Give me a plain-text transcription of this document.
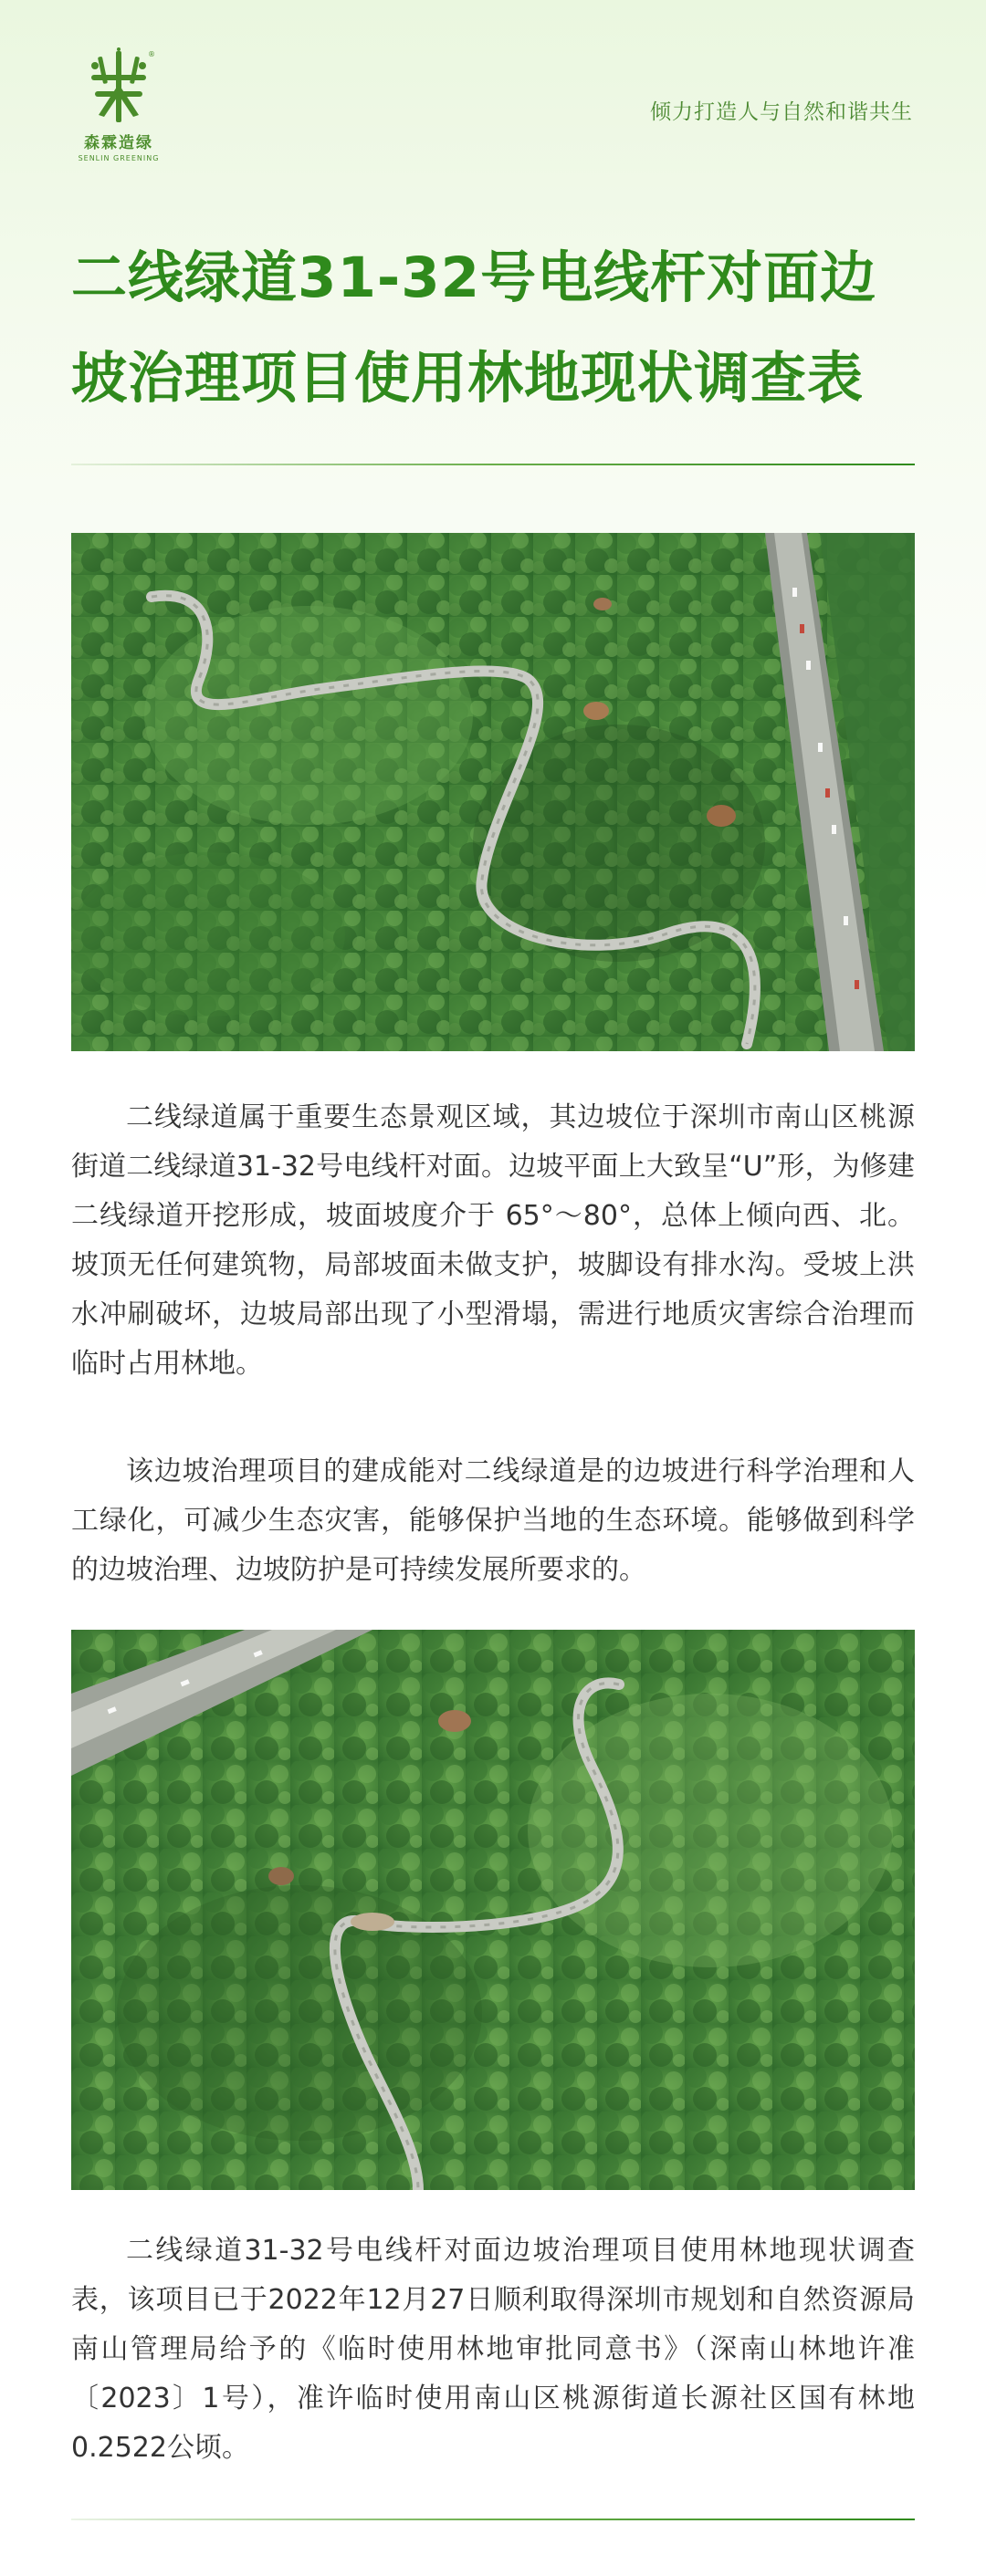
®
森霖造绿
SENLIN GREENING
倾力打造人与自然和谐共生
二线绿道31-32号电线杆对面边
坡治理项目使用林地现状调查表

二线绿道属于重要生态景观区域，其边坡位于深圳市南山区桃源街道二线绿道31-32号电线杆对面。边坡平面上大致呈“U”形，为修建二线绿道开挖形成，坡面坡度介于 65°～80°，总体上倾向西、北。坡顶无任何建筑物，局部坡面未做支护，坡脚设有排水沟。受坡上洪水冲刷破坏，边坡局部出现了小型滑塌，需进行地质灾害综合治理而临时占用林地。

该边坡治理项目的建成能对二线绿道是的边坡进行科学治理和人工绿化，可减少生态灾害，能够保护当地的生态环境。能够做到科学的边坡治理、边坡防护是可持续发展所要求的。

二线绿道31-32号电线杆对面边坡治理项目使用林地现状调查表，该项目已于2022年12月27日顺利取得深圳市规划和自然资源局南山管理局给予的《临时使用林地审批同意书》（深南山林地许准〔2023〕1号），准许临时使用南山区桃源街道长源社区国有林地0.2522公顷。
